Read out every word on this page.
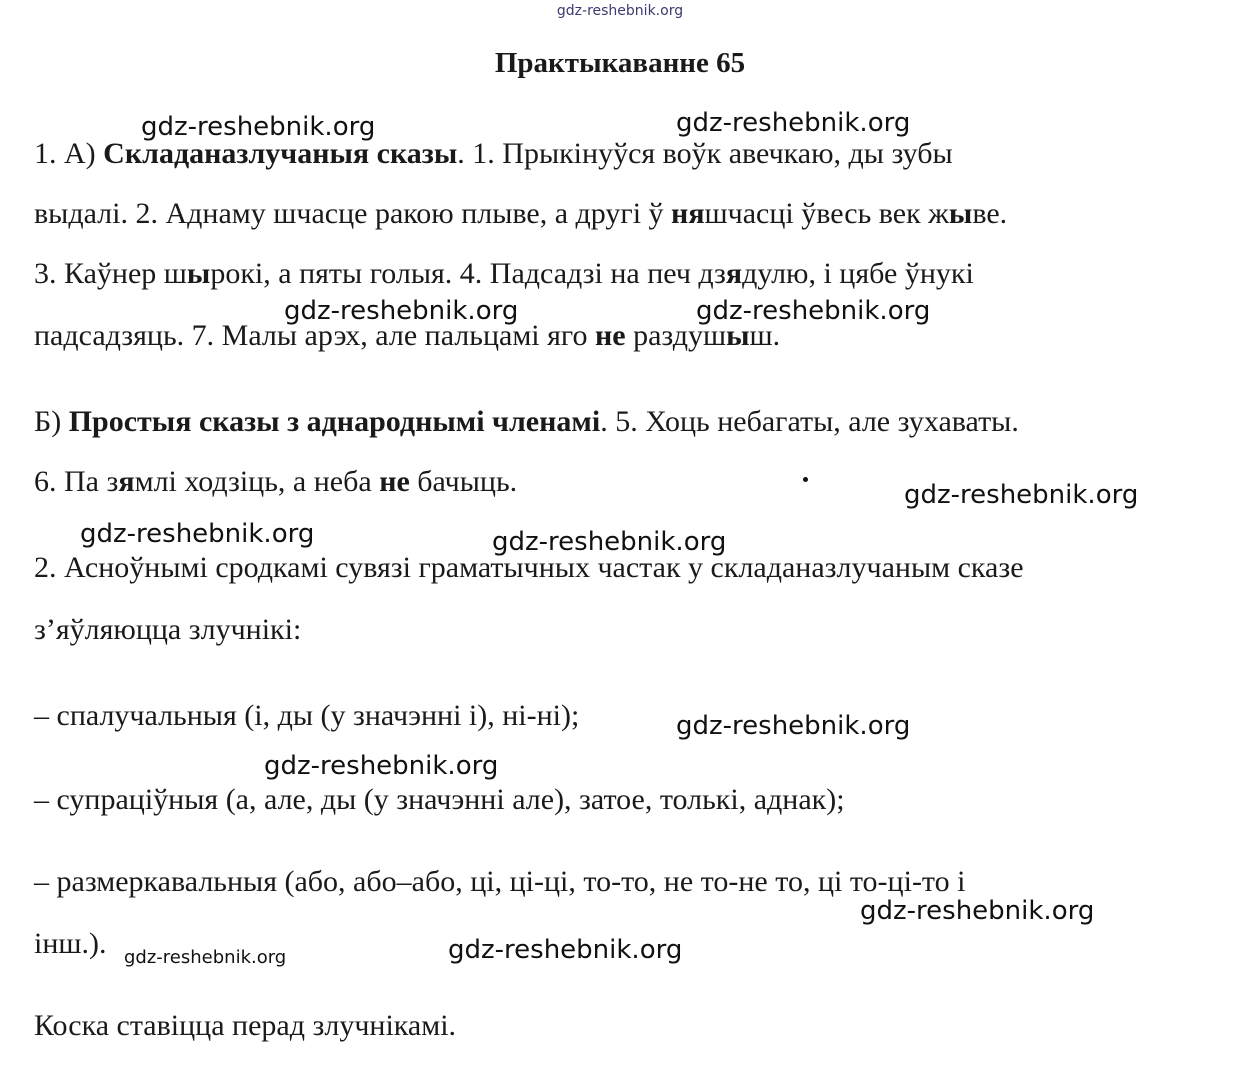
gdz-reshebnik.org
Практыкаванне 65
1. А) Складаназлучаныя сказы. 1. Прыкінуўся воўк авечкаю, ды зубы
выдалі. 2. Аднаму шчасце ракою плыве, а другі ў няшчасці ўвесь век жыве.
3. Каўнер шырокі, а пяты голыя. 4. Падсадзі на печ дзядулю, і цябе ўнукі
падсадзяць. 7. Малы арэх, але пальцамі яго не раздушыш.
Б) Простыя сказы з аднароднымі членамі. 5. Хоць небагаты, але зухаваты.
6. Па зямлі ходзіць, а неба не бачыць.
2. Асноўнымі сродкамі сувязі граматычных частак у складаназлучаным сказе
з’яўляюцца злучнікі:
– спалучальныя (і, ды (у значэнні і), ні-ні);
– супрацiўныя (а, але, ды (у значэнні але), затое, толькі, аднак);
– размеркавальныя (або, або–або, ці, ці-ці, то-то, не то-не то, ці то-ці-то і
інш.).
Коска ставіцца перад злучнікамі.
gdz-reshebnik.org	gdz-reshebnik.org
gdz-reshebnik.org	gdz-reshebnik.org
gdz-reshebnik.org
gdz-reshebnik.org	gdz-reshebnik.org
gdz-reshebnik.org
gdz-reshebnik.org
gdz-reshebnik.org
gdz-reshebnik.org	gdz-reshebnik.org
